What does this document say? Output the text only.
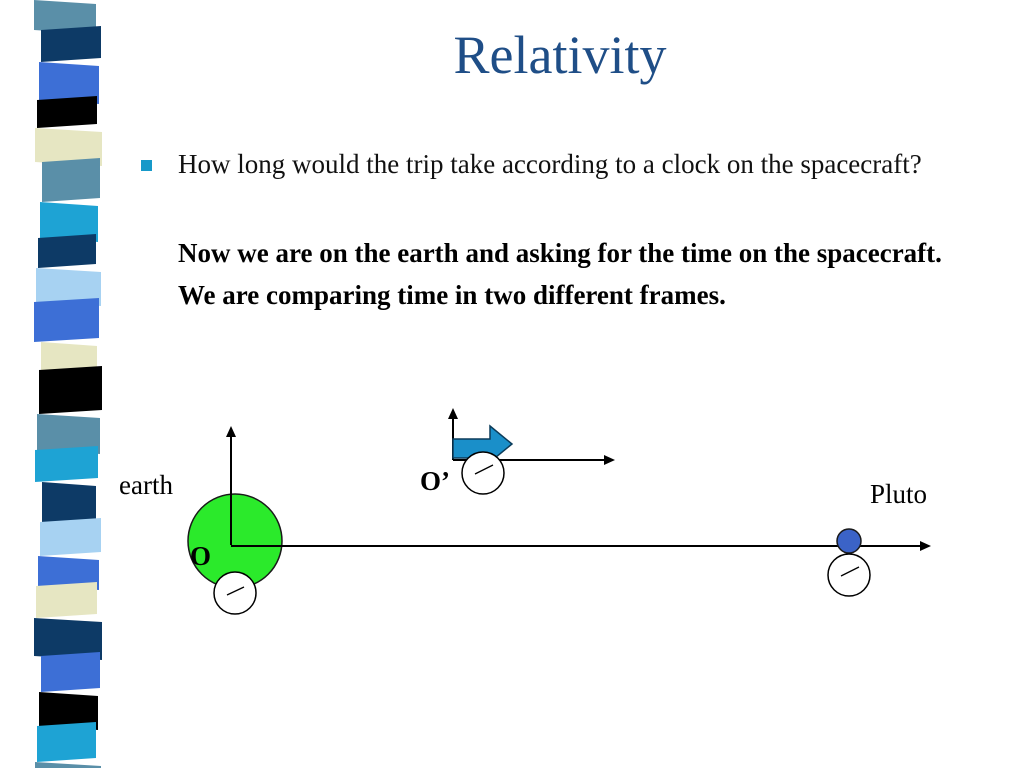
Relativity
How long would the trip take according to a clock on the spacecraft?
Now we are on the earth and asking for the time on the spacecraft. We are comparing time in two different frames.
earth	Pluto
O
O’
